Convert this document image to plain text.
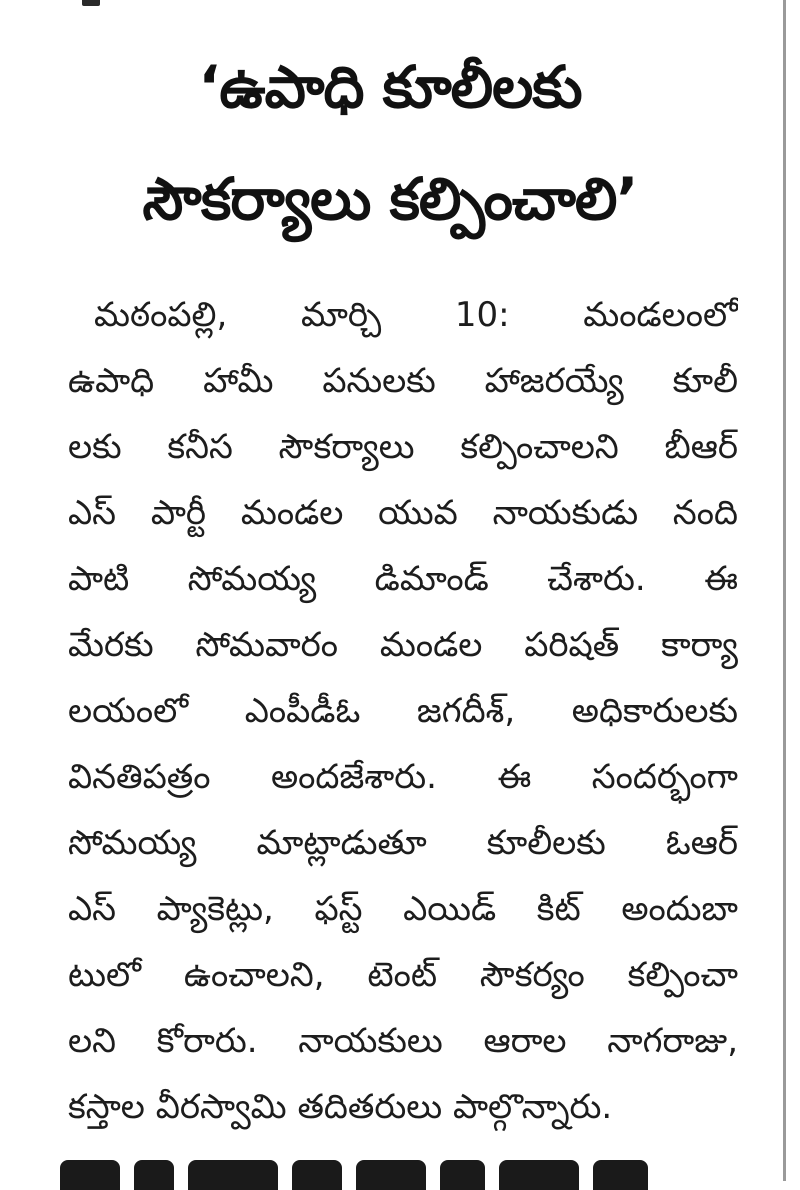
‘ఉపాధి కూలీలకు
సౌకర్యాలు కల్పించాలి’
మఠంపల్లి, మార్చి 10: మండలంలో
ఉపాధి హామీ పనులకు హాజరయ్యే కూలీ
లకు కనీస సౌకర్యాలు కల్పించాలని బీఆర్
ఎస్ పార్టీ మండల యువ నాయకుడు నంది
పాటి సోమయ్య డిమాండ్ చేశారు. ఈ
మేరకు సోమవారం మండల పరిషత్ కార్యా
లయంలో ఎంపీడీఓ జగదీశ్, అధికారులకు
వినతిపత్రం అందజేశారు. ఈ సందర్భంగా
సోమయ్య మాట్లాడుతూ కూలీలకు ఓఆర్
ఎస్ ప్యాకెట్లు, ఫస్ట్ ఎయిడ్ కిట్ అందుబా
టులో ఉంచాలని, టెంట్ సౌకర్యం కల్పించా
లని కోరారు. నాయకులు ఆరాల నాగరాజు,
కస్తాల వీరస్వామి తదితరులు పాల్గొన్నారు.
